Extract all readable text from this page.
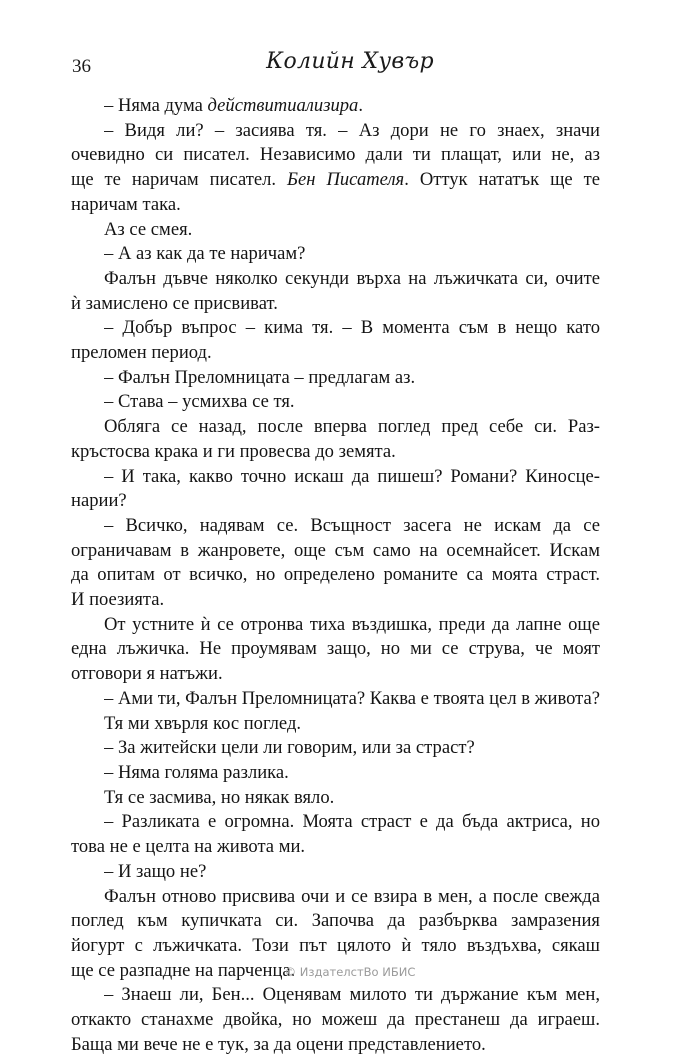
36	Колийн Хувър
– Няма дума действитиализира.
– Видя ли? – засиява тя. – Аз дори не го знаех, значи
очевидно си писател. Независимо дали ти плащат, или не, аз
ще те наричам писател. Бен Писателя. Оттук нататък ще те
наричам така.
Аз се смея.
– А аз как да те наричам?
Фалън дъвче няколко секунди върха на лъжичката си, очите
ѝ замислено се присвиват.
– Добър въпрос – кима тя. – В момента съм в нещо като
преломен период.
– Фалън Преломницата – предлагам аз.
– Става – усмихва се тя.
Обляга се назад, после вперва поглед пред себе си. Раз-
кръстосва крака и ги провесва до земята.
– И така, какво точно искаш да пишеш? Романи? Киносце-
нарии?
– Всичко, надявам се. Всъщност засега не искам да се
ограничавам в жанровете, още съм само на осемнайсет. Искам
да опитам от всичко, но определено романите са моята страст.
И поезията.
От устните ѝ се отронва тиха въздишка, преди да лапне още
една лъжичка. Не проумявам защо, но ми се струва, че моят
отговори я натъжи.
– Ами ти, Фалън Преломницата? Каква е твоята цел в живота?
Тя ми хвърля кос поглед.
– За житейски цели ли говорим, или за страст?
– Няма голяма разлика.
Тя се засмива, но някак вяло.
– Разликата е огромна. Моята страст е да бъда актриса, но
това не е целта на живота ми.
– И защо не?
Фалън отново присвива очи и се взира в мен, а после свежда
поглед към купичката си. Започва да разбърква замразения
йогурт с лъжичката. Този път цялото ѝ тяло въздъхва, сякаш
ще се разпадне на парченца.
– Знаеш ли, Бен... Оценявам милото ти държание към мен,
откакто станахме двойка, но можеш да престанеш да играеш.
Баща ми вече не е тук, за да оцени представлението.
© ИздателстВо ИБИС
